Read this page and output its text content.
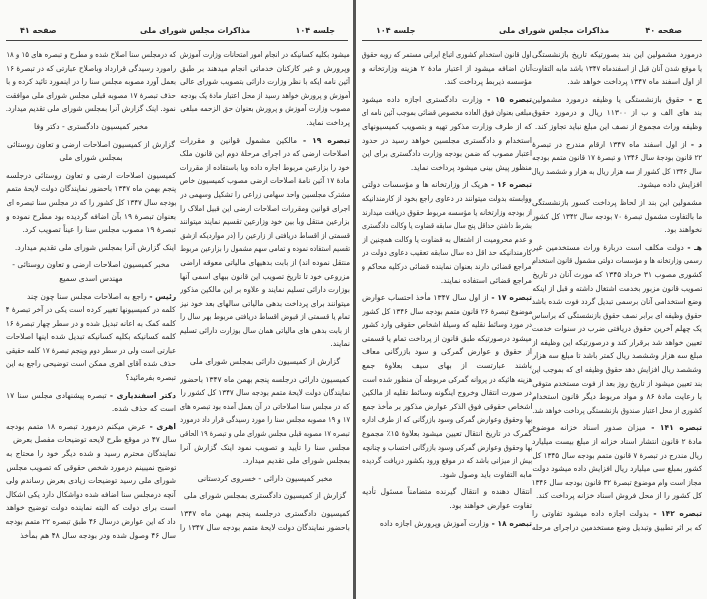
صفحه ۴۱	مذاکرات مجلس شورای ملی	جلسه ۱۰۴
میشود بکلیه کسانیکه در انجام امور امتحانات وزارت آموزش
وپرورش و غیر کارکنان خدماتی انجام میدهند بر طبق
آئین نامه ایکه با نظر وزارت دارائی بتصویب شورای عالی
آموزش و پرورش خواهد رسید از محل اعتبار مادهٔ یک بودجه
مصوب وزارت آموزش و پرورش بعنوان حق الزحمه مبلغی
پرداخت نماید.
تبصره ۱۹ - مالکین مشمول قوانین و مقررات
اصلاحات ارضی که در اجرای مرحلهٔ دوم این قانون ملک
خود را بزارعین مربوط اجاره داده ویا باستفاده از مقررات
مادهٔ ۱۷ آئین نامهٔ اصلاحات ارضی مصوب کمیسیون خاص
مشترک مجلسین واحد سهامی زراعی را تشکیل وسهمی در
اجرای قوانین ومقررات اصلاحات ارضی این قبیل املاک را
بزارعین منتقل وبا بین خود وزارعین تقسیم نمایند میتوانند
قسمتی از اقساط دریافتی از زارعین را (در مواردیکه ازشق
تقسیم استفاده نموده و تمامی سهم مشمول را بزارعین مربوط
منتقل نموده اند) از بابت بدهیهای مالیاتی معوقه اراضی
مزروعی خود تا تاریخ تصویب این قانون ببهای اسمی آنها
بوزارت دارائی تسلیم نمایند و علاوه بر این مالکین مذکور
میتوانند برای پرداخت بدهی مالیاتی سالهای بعد خود نیز
تمام یا قسمتی از قبوض اقساط دریافتی مربوط بهر سال را
از بابت بدهی های مالیاتی همان سال بوزارت دارائی تسلیم
نمایند.
گزارش از کمیسیون دارائی بمجلس شورای ملی
کمیسیون دارائی درجلسه پنجم بهمن ماه ۱۳۴۷ باحضور
نمایندگان دولت لایحهٔ متمم بودجه سال ۱۳۴۷ کل کشور را
که در مجلس سنا اصلاحاتی در آن بعمل آمده بود تبصره های
۱۷ و ۱۹ مصوبه مجلس سنا را مورد رسیدگی قرار داد درمورد
تبصره ۱۷ مصوبه قبلی مجلس شورای ملی و تبصرهٔ ۱۹ الحاقی
مجلس سنا را تأیید و تصویب نمود اینک گزارش آنرا
بمجلس شورای ملی تقدیم میدارد.
مخبر کمیسیون دارائی - خسروی کردستانی
گزارش از کمیسیون دادگستری بمجلس شورای ملی
کمیسیون دادگستری درجلسه پنجم بهمن ماه ۱۳۴۷
باحضور نمایندگان دولت لایحهٔ متمم بودجه سال ۱۳۴۷ را
که درمجلس سنا اصلاح شده و مطرح و تبصره های ۱۵ و ۱۸
رامورد رسیدگی قرارداد وباصلاح عبارتی که در تبصرهٔ ۱۶
بعمل آورد مصوبه مجلس سنا را در اینمورد تائید کرده و با
حذف تبصرهٔ ۱۷ مصوبه قبلی مجلس شورای ملی موافقت
نمود. اینک گزارش آنرا بمجلس شورای ملی تقدیم میدارد.
مخبر کمیسیون دادگستری - دکتر وفا
گزارش از کمیسیون اصلاحات ارضی و تعاون روستائی
بمجلس شورای ملی
کمیسیون اصلاحات ارضی و تعاون روستائی درجلسه
پنجم بهمن ماه ۱۳۴۷ باحضور نمایندگان دولت لایحهٔ متمم
بودجه سال ۱۳۴۷ کل کشور را که در مجلس سنا تبصره ای
بعنوان تبصرهٔ ۱۹ بآن اضافه گردیده بود مطرح نموده و
تبصرهٔ ۱۹ مصوب مجلس سنا را عیناً تصویب کرد.
اینک گزارش آنرا بمجلس شورای ملی تقدیم میدارد.
مخبر کمیسیون اصلاحات ارضی و تعاون روستائی -
مهندس اسدی سمیع
رئیس - راجع به اصلاحات مجلس سنا چون چند
کلمه در کمیسیونها تغییر کرده است یکی در آخر تبصرهٔ ۴
کلمه کمک به اعانه تبدیل شده و در سطر چهار تبصرهٔ ۱۶
کلمه کسانیکه بکلیه کسانیکه تبدیل شده اینها اصلاحات
عبارتی است ولی در سطر دوم وپنجم تبصرهٔ ۱۷ کلمه حقیقی
حذف شده آقای اهری ممکن است توضیحی راجع به این
تبصره بفرمائید؟
دکتر اسفندیاری - تبصره پیشنهادی مجلس سنا ۱۷
است که حذف شده.
اهری - عرض میکنم درمورد تبصره ۱۸ متمم بودجه
سال ۴۷ در موقع طرح لایحه توضیحات مفصل بعرض
نمایندگان محترم رسید و شده دیگر خود را محتاج به
توضیح نمیبینم درمورد شخص حقوقی که تصویب مجلس
شورای ملی رسید توضیحات زیادی بعرض رساندم ولی
آنچه درمجلس سنا اضافه شده دواشکال دارد یکی اشکال
است برای دولت که البته نماینده دولت توضیح خواهد
داد که این عوارض درسال ۴۶ طبق تبصره ۲۲ متمم بودجه
سال ۴۶ وصول شده ودر بودجه سال ۴۸ هم بمأخذ
جلسه ۱۰۴	مذاکرات مجلس شورای ملی	صفحه ۴۰
درمورد مشمولین این بند بصورتیکه تاریخ بازنشستگی
یا موقع شدن آنان قبل از اسفندماه ۱۳۴۷ باشد مابه التفاوت
از اول اسفند ماه ۱۳۴۷ پرداخت خواهد شد.
ج - حقوق بازنشستگی یا وظیفه درمورد مشمولین
بند های الف و ب از ۱۱۳۰۰ ریال و درمورد حقوق
وظیفه وراث مجموع از نصف این مبلغ نباید تجاوز کند.
د - از اول اسفند ماه ۱۳۴۷ ارقام مندرج در تبصرهٔ
۲۲ قانون بودجهٔ سال ۱۳۴۶ و تبصرهٔ ۱۷ قانون متمم بودجه
سال ۱۳۴۶ کل کشور از سه هزار ریال به هزار و ششصد ریال
افزایش داده میشود.
مشمولین این بند از لحاظ پرداخت کسور بازنشستگی
ما بالتفاوت مشمول تبصرهٔ ۷۰ بودجه سال ۱۳۴۲ کل کشور
نخواهند بود.
هـ - دولت مکلف است دربارهٔ وراث مستخدمین غیر
رسمی وزارتخانه ها و مؤسسات دولتی مشمول قانون استخدام
کشوری مصوب ۳۱ خرداد ۱۳۴۵ که مورث آنان در تاریخ
تصویب قانون مزبور بخدمت اشتغال داشته و قبل از اینکه
وضع استخدامی آنان برسمی تبدیل گردد فوت شده باشد
حقوق وظیفه ای برابر نصف حقوق بازنشستگی که براساس
یک چهلم آخرین حقوق دریافتی ضرب در سنوات خدمت
تعیین خواهد شد برقرار کند و درصورتیکه این وظیفه از
مبلغ سه هزار وششصد ریال کمتر باشد تا مبلغ سه هزار
وششصد ریال افزایش دهد حقوق وظیفه ای که بموجب این
بند تعیین میشود از تاریخ روز بعد از فوت مستخدم متوفی
با رعایت مادهٔ ۸۶ و مواد مربوط دیگر قانون استخدام
کشوری از محل اعتبار صندوق بازنشستگی پرداخت خواهد شد.
تبصره ۱۴۱ - میزان صدور اسناد خزانه موضوع
مادهٔ ۲ قانون انتشار اسناد خزانه از مبلغ بیست میلیارد
ریال مندرج در تبصرهٔ ۷ قانون متمم بودجه سال ۱۳۴۵ کل
کشور بمبلغ سی میلیارد ریال افزایش داده میشود دولت
مجاز است وام موضوع تبصرهٔ ۳۲ قانون بودجه سال ۱۳۴۶
کل کشور را از محل فروش اسناد خزانه پرداخت کند.
تبصره ۱۴۲ - بدولت اجازه داده میشود تفاوتی را
که بر اثر تطبیق وتبدیل وضع مستخدمین دراجرای مرحله
اول قانون استخدام کشوری اتباع ایرانی مستمر که روبه حقوق
آنان اضافه میشود از اعتبار مادهٔ ۲ هزینه وزارتخانه و
مؤسسه ذیربط پرداخت کند.
تبصره ۱۵ - وزارت دادگستری اجازه داده میشود
مبلغی بعنوان فوق العاده مخصوص قضائی بموجب آئین نامه ای
که از طرف وزارت مذکور تهیه و بتصویب کمیسیونهای
استخدام و دادگستری مجلسین خواهد رسید در حدود
اعتبار مصوب که ضمن بودجه وزارت دادگستری برای این
منظور پیش بینی میشود پرداخت نماید.
تبصره ۱۶ - هریک از وزارتخانه ها و مؤسسات دولتی
ووابسته بدولت میتوانند در دعاوی راجع بخود از کارمندانیکه
از بودجه وزارتخانه یا مؤسسه مربوط حقوق دریافت میدارند
بشرط داشتن حداقل پنج سال سابقه قضاوت یا وکالت دادگستری
و عدم محرومیت از اشتغال به قضاوت یا وکالت همچنین از
کارمندانیکه حد اقل ده سال سابقه تعقیب دعاوی دولت در
مراجع قضائی دارند بعنوان نماینده قضائی درکلیه محاکم و
مراجع قضائی استفاده نمایند.
تبصره ۱۷ - از اول سال ۱۳۴۷ مأخذ احتساب عوارض
موضوع تبصرهٔ ۲۶ قانون متمم بودجه سال ۱۳۴۶ کل کشور
در مورد وسائط نقلیه که وسیلهٔ اشخاص حقوقی وارد کشور
میشود درصورتیکه طبق قانون از پرداخت تمام یا قسمتی
از حقوق و عوارض گمرکی و سود بازرگانی معاف
باشند عبارتست از بهای سیف بعلاوهٔ جمع
هزینه هائیکه در پروانه گمرکی مربوطه آن منظور شده است
در صورت انتقال وخروج اینگونه وسائط نقلیه از مالکین
اشخاص حقوقی فوق الذکر عوارض مذکور بر مأخذ جمع
بها وحقوق وعوارض گمرکی وسود بازرگانی که از طرف اداره
گمرک در تاریخ انتقال تعیین میشود بعلاوهٔ ۱۵٪ مجموع
بها وحقوق وعوارض گمرکی وسود بازرگانی احتساب و چنانچه
بیش از میزانی باشد که در موقع ورود بکشور دریافت گردیده
مابه التفاوت باید وصول شود.
انتقال دهنده و انتقال گیرنده متضامناً مسئول تأدیه
تفاوت عوارض خواهند بود.
تبصره ۱۸ - وزارت آموزش وپرورش اجازه داده
